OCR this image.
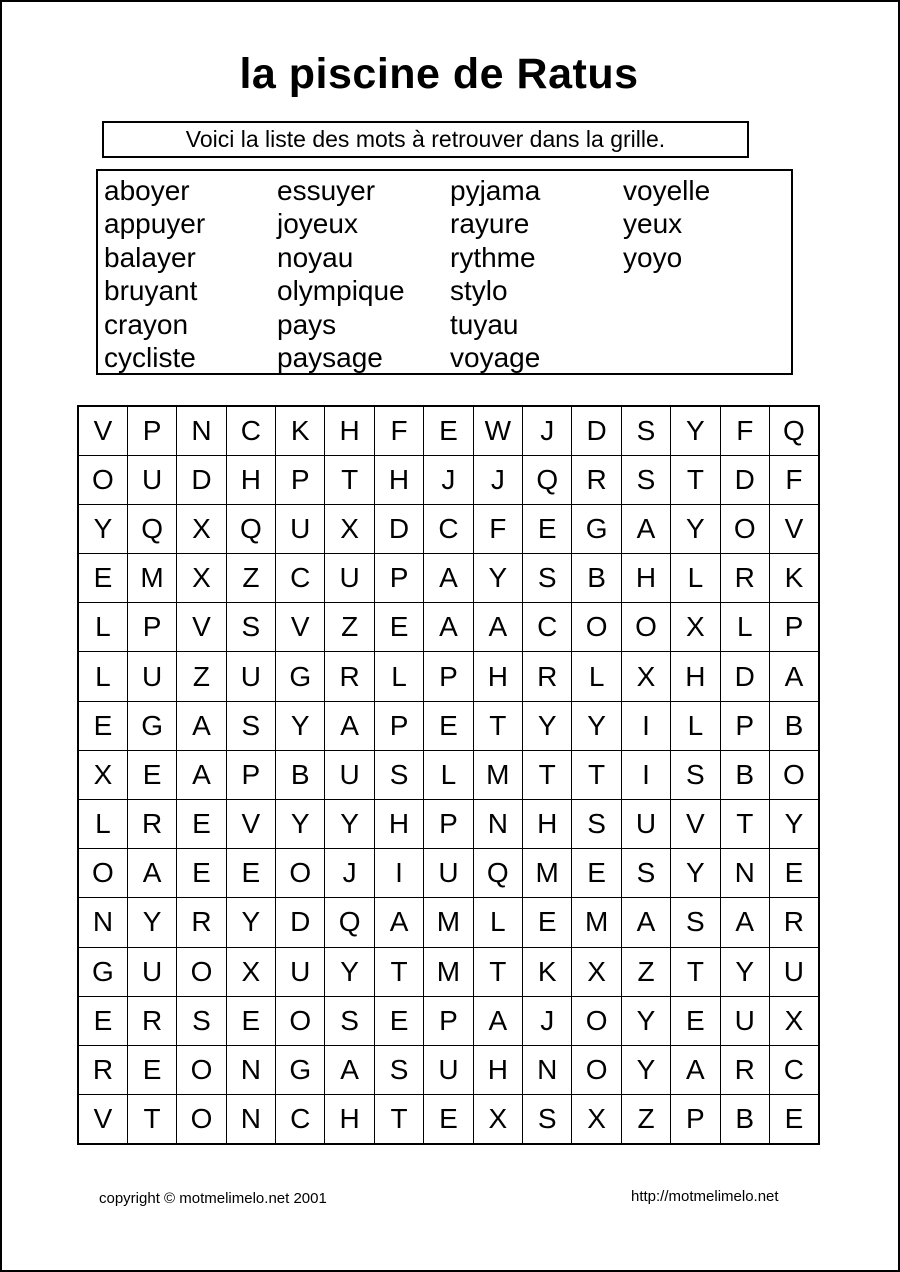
la piscine de Ratus
Voici la liste des mots à retrouver dans la grille.
aboyer
appuyer
balayer
bruyant
crayon
cycliste
essuyer
joyeux
noyau
olympique
pays
paysage
pyjama
rayure
rythme
stylo
tuyau
voyage
voyelle
yeux
yoyo
V	P	N	C	K	H	F	E	W	J	D	S	Y	F	Q
O	U	D	H	P	T	H	J	J	Q	R	S	T	D	F
Y	Q	X	Q	U	X	D	C	F	E	G	A	Y	O	V
E	M	X	Z	C	U	P	A	Y	S	B	H	L	R	K
L	P	V	S	V	Z	E	A	A	C	O	O	X	L	P
L	U	Z	U	G	R	L	P	H	R	L	X	H	D	A
E	G	A	S	Y	A	P	E	T	Y	Y	I	L	P	B
X	E	A	P	B	U	S	L	M	T	T	I	S	B	O
L	R	E	V	Y	Y	H	P	N	H	S	U	V	T	Y
O	A	E	E	O	J	I	U	Q	M	E	S	Y	N	E
N	Y	R	Y	D	Q	A	M	L	E	M	A	S	A	R
G	U	O	X	U	Y	T	M	T	K	X	Z	T	Y	U
E	R	S	E	O	S	E	P	A	J	O	Y	E	U	X
R	E	O	N	G	A	S	U	H	N	O	Y	A	R	C
V	T	O	N	C	H	T	E	X	S	X	Z	P	B	E
copyright © motmelimelo.net 2001	http://motmelimelo.net
